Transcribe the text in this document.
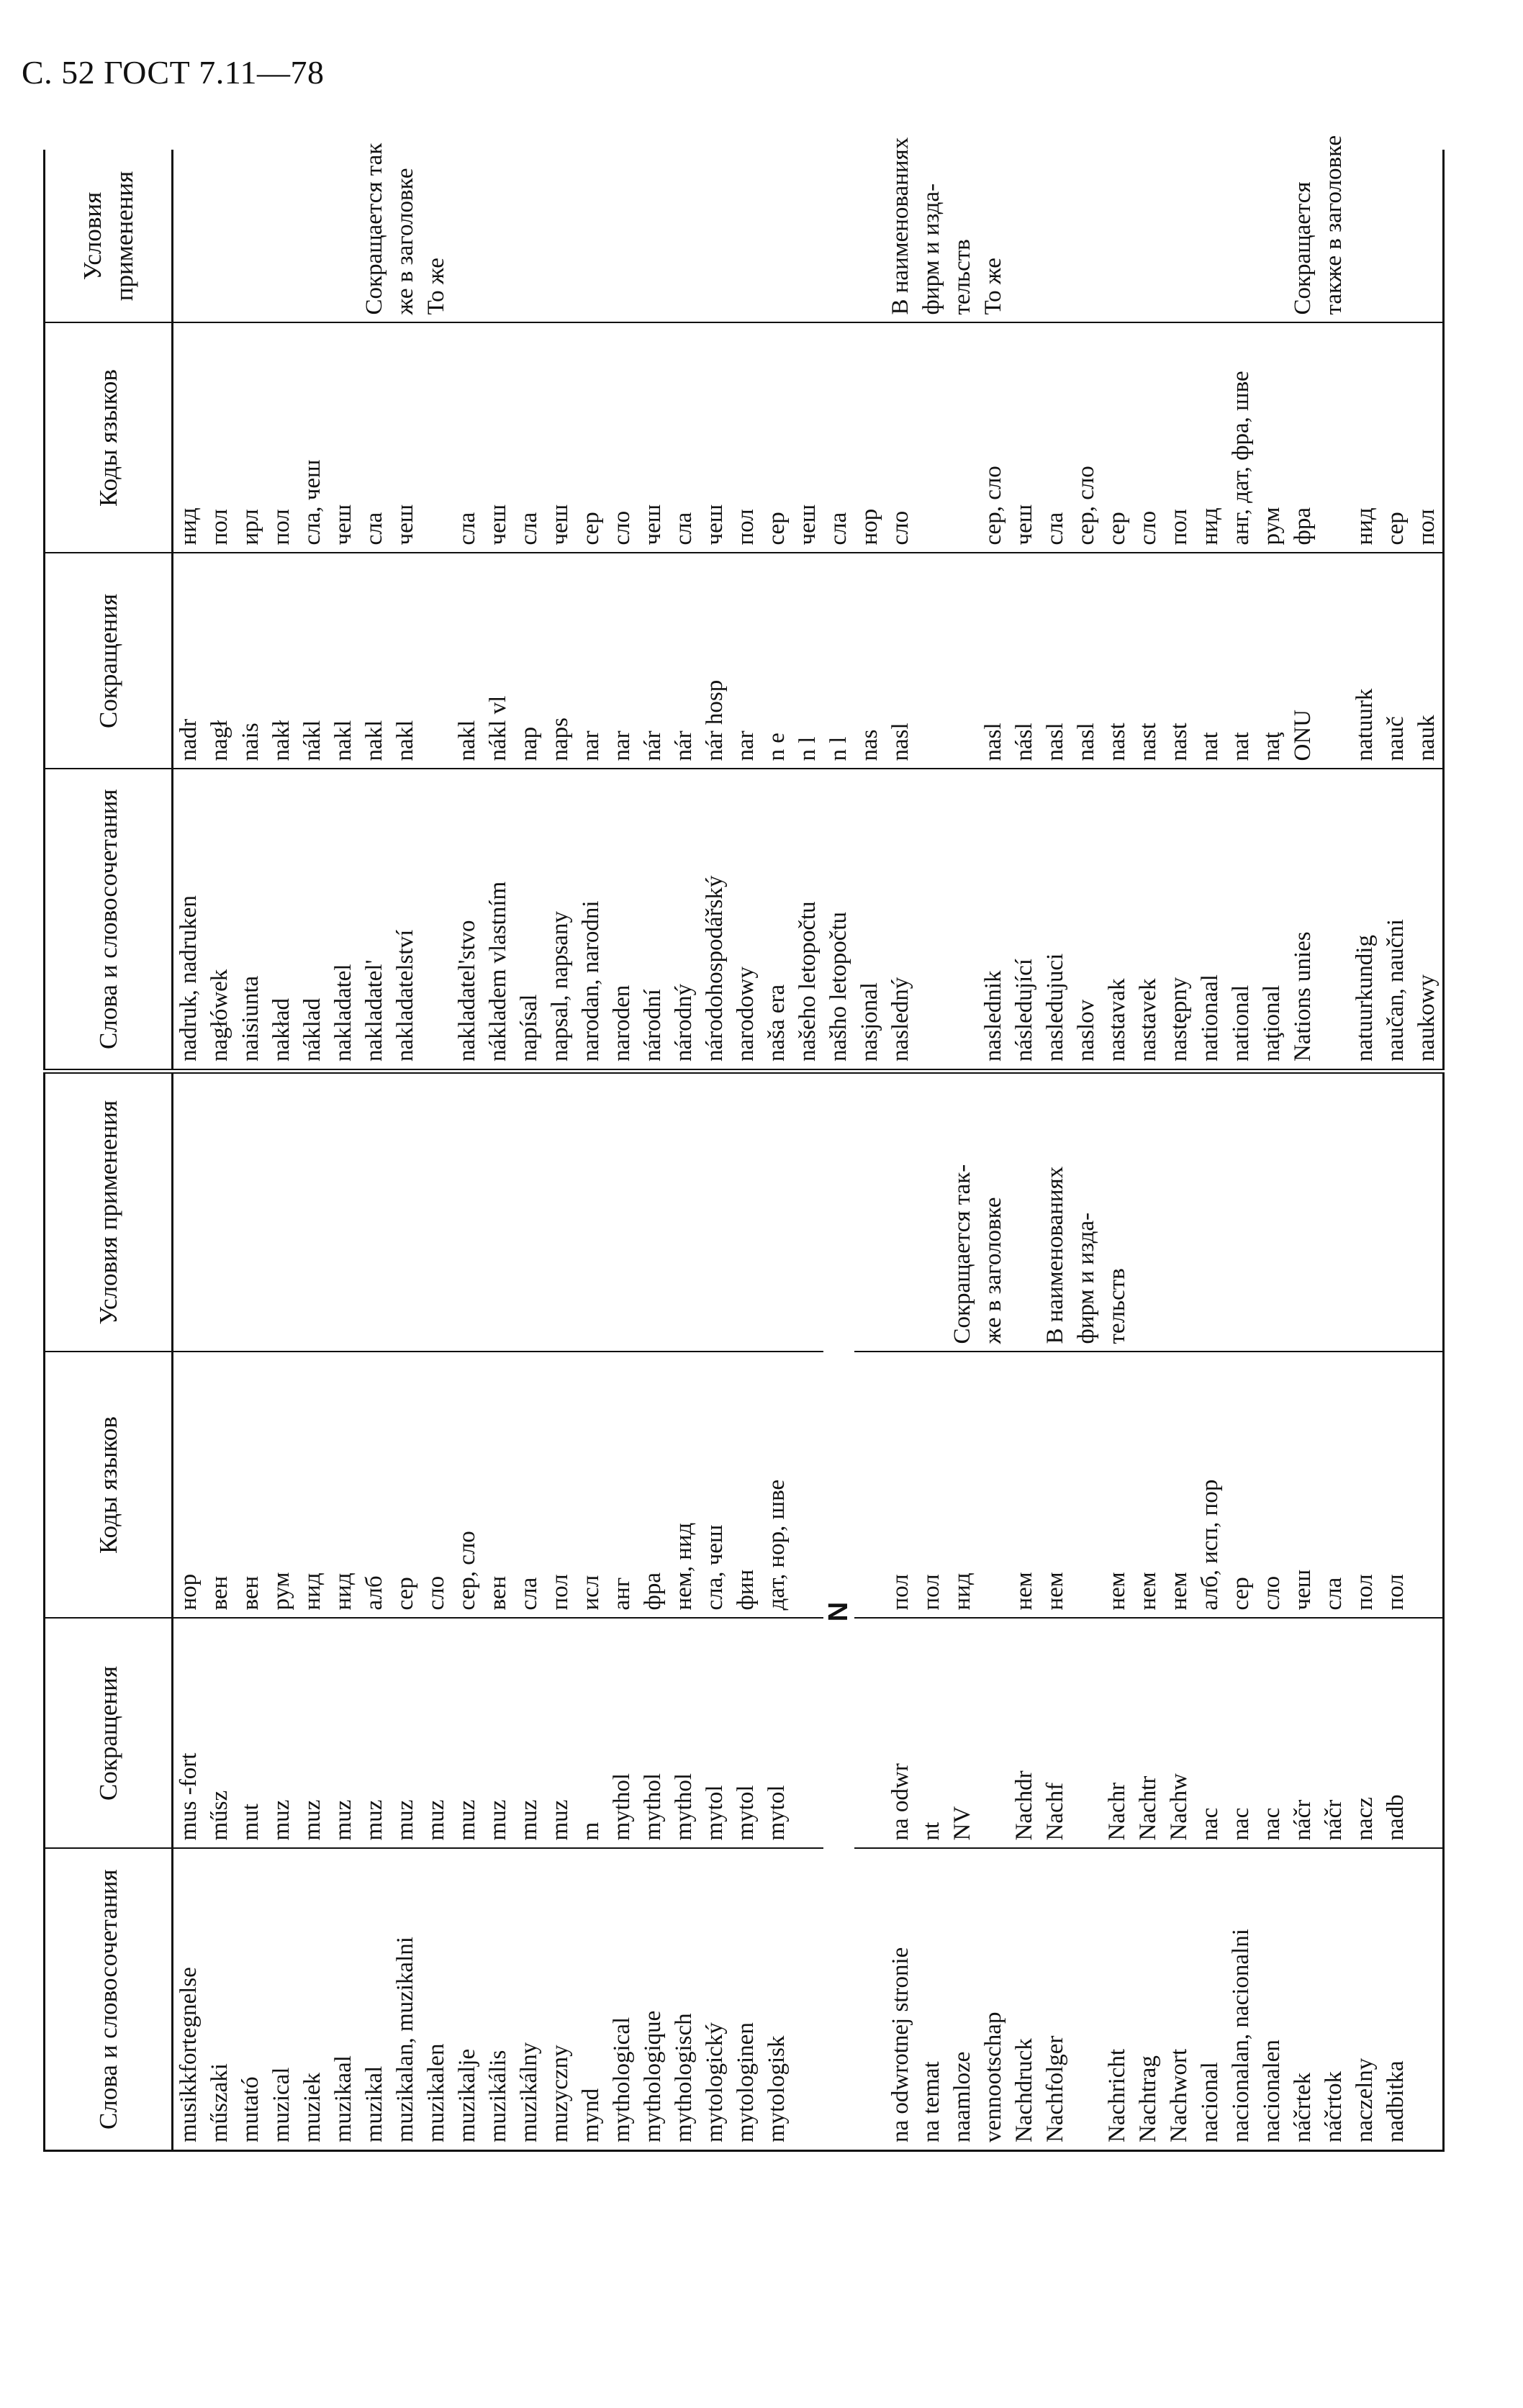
С. 52 ГОСТ 7.11—78
Слова и словосочетания	Сокращения	Коды языков	Условия применения	Слова и словосочетания	Сокращения	Коды языков	Условия применения
musikkfortegnelse	mus -fort	нор		nadruk, nadruken	nadr	нид	
műszaki	műsz	вен		nagłówek	nagł	пол	
mutató	mut	вен		naisiunta	nais	ирл	
muzical	muz	рум		nakład	nakł	пол	
muziek	muz	нид		náklad	nákl	сла, чеш	
muzikaal	muz	нид		nakladatel	nakl	чеш	
muzikal	muz	алб		nakladatel'	nakl	сла	Сокращается так
muzikalan, muzikalni	muz	сер		nakladatelství	nakl	чеш	же в заголовке
muzikalen	muz	сло					То же
muzikalje	muz	сер, сло		nakladatel'stvo	nakl	сла	
muzikális	muz	вен		nákladem vlastním	nákl vl	чеш	
muzikálny	muz	сла		napísal	nap	сла	
muzyczny	muz	пол		napsal, napsany	naps	чеш	
mynd	m	исл		narodan, narodni	nar	сер	
mythological	mythol	анг		naroden	nar	сло	
mythologique	mythol	фра		národní	nár	чеш	
mythologisch	mythol	нем, нид		národný	nár	сла	
mytologický	mytol	сла, чеш		národohospodářský	nár hosp	чеш	
mytologinen	mytol	фин		narodowy	nar	пол	
mytologisk	mytol	дат, нор, шве		naša era	n e	сер	
				našeho letopočtu	n l	чеш	
N				našho letopočtu	n l	сла	
				nasjonal	nas	нор	
na odwrotnej stronie	na odwr	пол		nasledný	nasl	сло	В наименованиях
na temat	nt	пол					фирм и изда-
naamloze	NV	нид	Сокращается так-				тельств
vennootschap			же в заголовке	naslednik	nasl	сер, сло	То же
Nachdruck	Nachdr	нем		následující	násl	чеш	
Nachfolger	Nachf	нем	В наименованиях	nasleduјuci	nasl	сла	
			фирм и изда-	naslov	nasl	сер, сло	
Nachricht	Nachr	нем	тельств	nastavak	nast	сер	
Nachtrag	Nachtr	нем		nastavek	nast	сло	
Nachwort	Nachw	нем		następny	nast	пол	
nacional	nac	алб, исп, пор		nationaal	nat	нид	
nacionalan, nacionalni	nac	сер		national	nat	анг, дат, фра, шве	
nacionalen	nac	сло		naţional	naţ	рум	
náčrtek	náčr	чеш		Nations unies	ONU	фра	Сокращается
náčrtok	náčr	сла					также в заголовке
naczelny	nacz	пол		natuurkundig	natuurk	нид	
nadbitka	nadb	пол		naučan, naučni	nauč	сер	
				naukowy	nauk	пол	
